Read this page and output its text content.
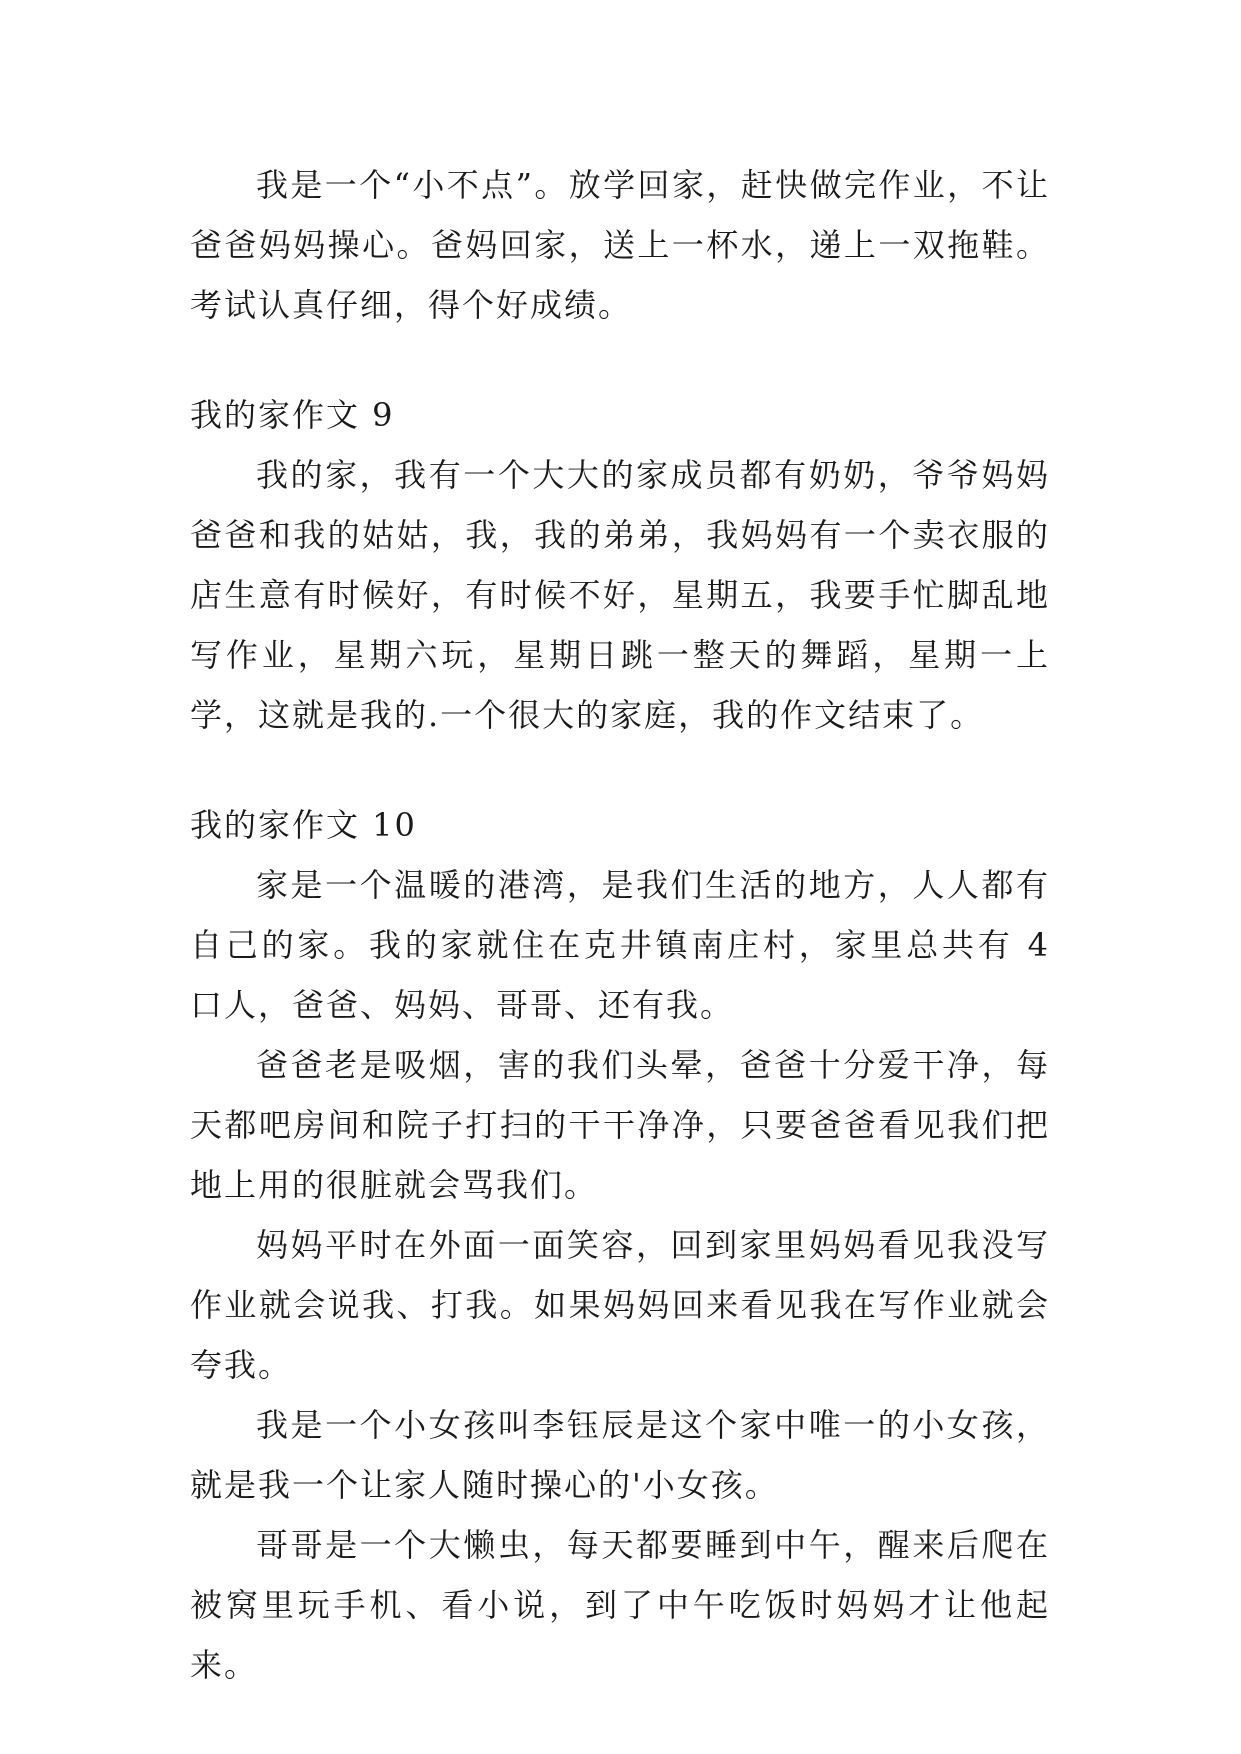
我是一个“小不点”。放学回家，赶快做完作业，不让爸爸妈妈操心。爸妈回家，送上一杯水，递上一双拖鞋。考试认真仔细，得个好成绩。

我的家作文 9

我的家，我有一个大大的家成员都有奶奶，爷爷妈妈爸爸和我的姑姑，我，我的弟弟，我妈妈有一个卖衣服的店生意有时候好，有时候不好，星期五，我要手忙脚乱地写作业，星期六玩，星期日跳一整天的舞蹈，星期一上学，这就是我的.一个很大的家庭，我的作文结束了。

我的家作文 10

家是一个温暖的港湾，是我们生活的地方，人人都有自己的家。我的家就住在克井镇南庄村，家里总共有 4 口人，爸爸、妈妈、哥哥、还有我。

爸爸老是吸烟，害的我们头晕，爸爸十分爱干净，每天都吧房间和院子打扫的干干净净，只要爸爸看见我们把地上用的很脏就会骂我们。

妈妈平时在外面一面笑容，回到家里妈妈看见我没写作业就会说我、打我。如果妈妈回来看见我在写作业就会夸我。

我是一个小女孩叫李钰辰是这个家中唯一的小女孩，就是我一个让家人随时操心的'小女孩。

哥哥是一个大懒虫，每天都要睡到中午，醒来后爬在被窝里玩手机、看小说，到了中午吃饭时妈妈才让他起来。
